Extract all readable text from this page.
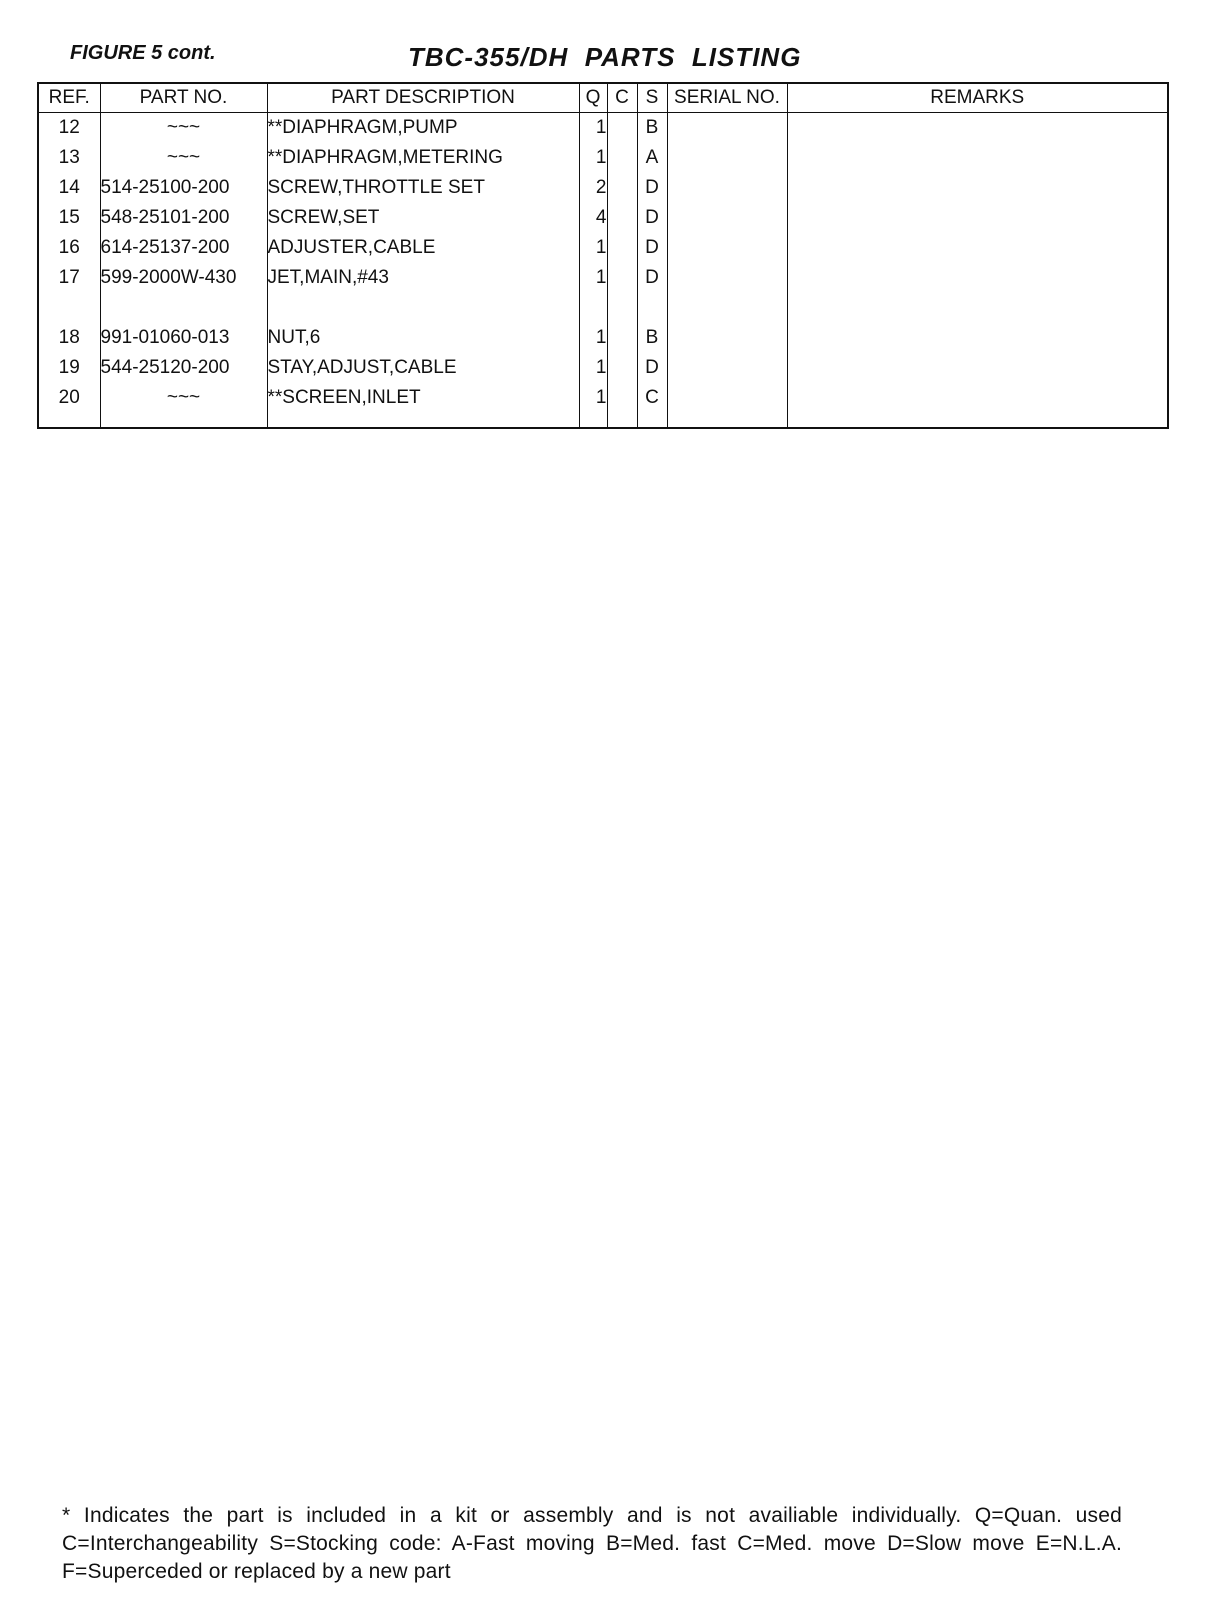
FIGURE 5 cont.	TBC-355/DH  PARTS  LISTING
REF.	PART NO.	PART DESCRIPTION	Q	C	S	SERIAL NO.	REMARKS
12	~~~	**DIAPHRAGM,PUMP	1		B		
13	~~~	**DIAPHRAGM,METERING	1		A		
14	514-25100-200	SCREW,THROTTLE SET	2		D		
15	548-25101-200	SCREW,SET	4		D		
16	614-25137-200	ADJUSTER,CABLE	1		D		
17	599-2000W-430	JET,MAIN,#43	1		D		

18	991-01060-013	NUT,6	1		B		
19	544-25120-200	STAY,ADJUST,CABLE	1		D		
20	~~~	**SCREEN,INLET	1		C		

* Indicates the part is included in a kit or assembly and is not availiable individually. Q=Quan. used C=Interchangeability S=Stocking code: A-Fast moving B=Med. fast C=Med. move D=Slow move E=N.L.A. F=Superceded or replaced by a new part
